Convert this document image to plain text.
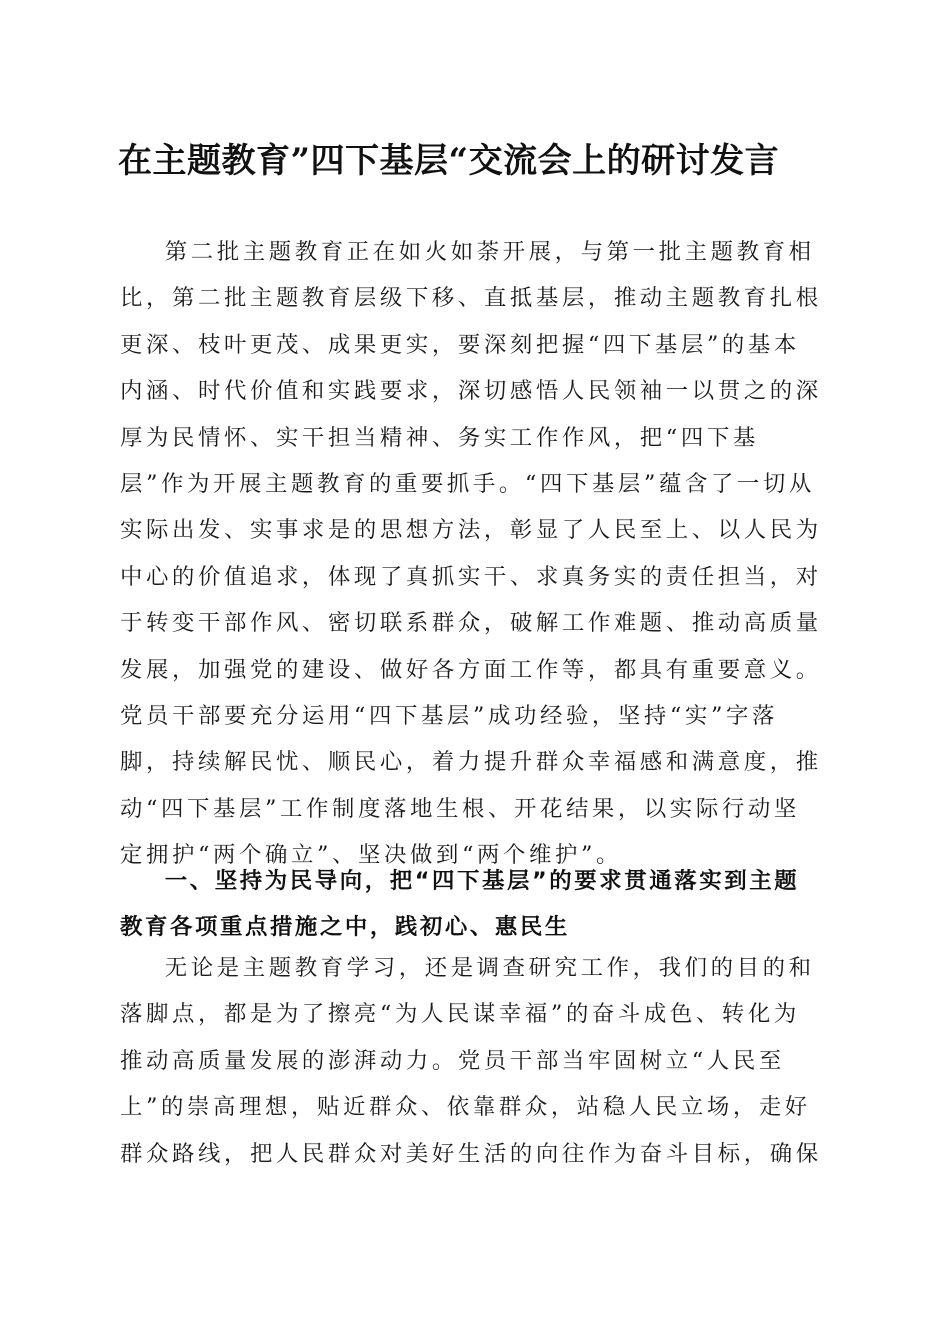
在主题教育”四下基层“交流会上的研讨发言

第二批主题教育正在如火如荼开展，与第一批主题教育相比，第二批主题教育层级下移、直抵基层，推动主题教育扎根更深、枝叶更茂、成果更实，要深刻把握“四下基层”的基本内涵、时代价值和实践要求，深切感悟人民领袖一以贯之的深厚为民情怀、实干担当精神、务实工作作风，把“四下基层”作为开展主题教育的重要抓手。“四下基层”蕴含了一切从实际出发、实事求是的思想方法，彰显了人民至上、以人民为中心的价值追求，体现了真抓实干、求真务实的责任担当，对于转变干部作风、密切联系群众，破解工作难题、推动高质量发展，加强党的建设、做好各方面工作等，都具有重要意义。党员干部要充分运用“四下基层”成功经验，坚持“实”字落脚，持续解民忧、顺民心，着力提升群众幸福感和满意度，推动“四下基层”工作制度落地生根、开花结果，以实际行动坚定拥护“两个确立”、坚决做到“两个维护”。

一、坚持为民导向，把“四下基层”的要求贯通落实到主题教育各项重点措施之中，践初心、惠民生

无论是主题教育学习，还是调查研究工作，我们的目的和落脚点，都是为了擦亮“为人民谋幸福”的奋斗成色、转化为推动高质量发展的澎湃动力。党员干部当牢固树立“人民至上”的崇高理想，贴近群众、依靠群众，站稳人民立场，走好群众路线，把人民群众对美好生活的向往作为奋斗目标，确保
